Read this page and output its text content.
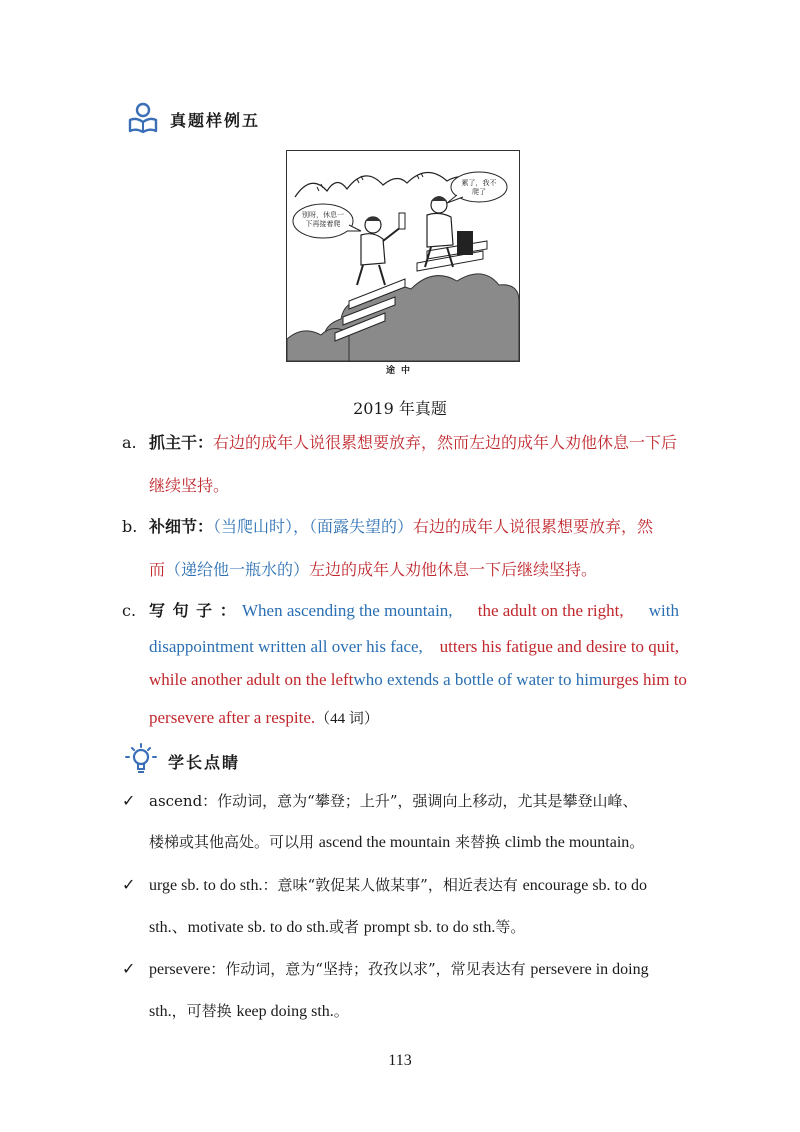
真题样例五
别呀，休息一下再接着爬
累了，我不爬了
途中
2019 年真题
a. 抓主干：右边的成年人说很累想要放弃，然而左边的成年人劝他休息一下后
继续坚持。
b. 补细节：（当爬山时），（面露失望的）右边的成年人说很累想要放弃，然
而（递给他一瓶水的）左边的成年人劝他休息一下后继续坚持。
c. 写 句 子 ： When ascending the mountain, the adult on the right, with
disappointment written all over his face, utters his fatigue and desire to quit,
while another adult on the left who extends a bottle of water to him urges him to
persevere after a respite.（44 词）
学长点睛
✓ ascend：作动词，意为“攀登；上升”，强调向上移动，尤其是攀登山峰、
楼梯或其他高处。可以用 ascend the mountain 来替换 climb the mountain。
✓ urge sb. to do sth.：意味“敦促某人做某事”，相近表达有 encourage sb. to do
sth.、motivate sb. to do sth.或者 prompt sb. to do sth.等。
✓ persevere：作动词，意为“坚持；孜孜以求”，常见表达有 persevere in doing
sth.，可替换 keep doing sth.。
113
